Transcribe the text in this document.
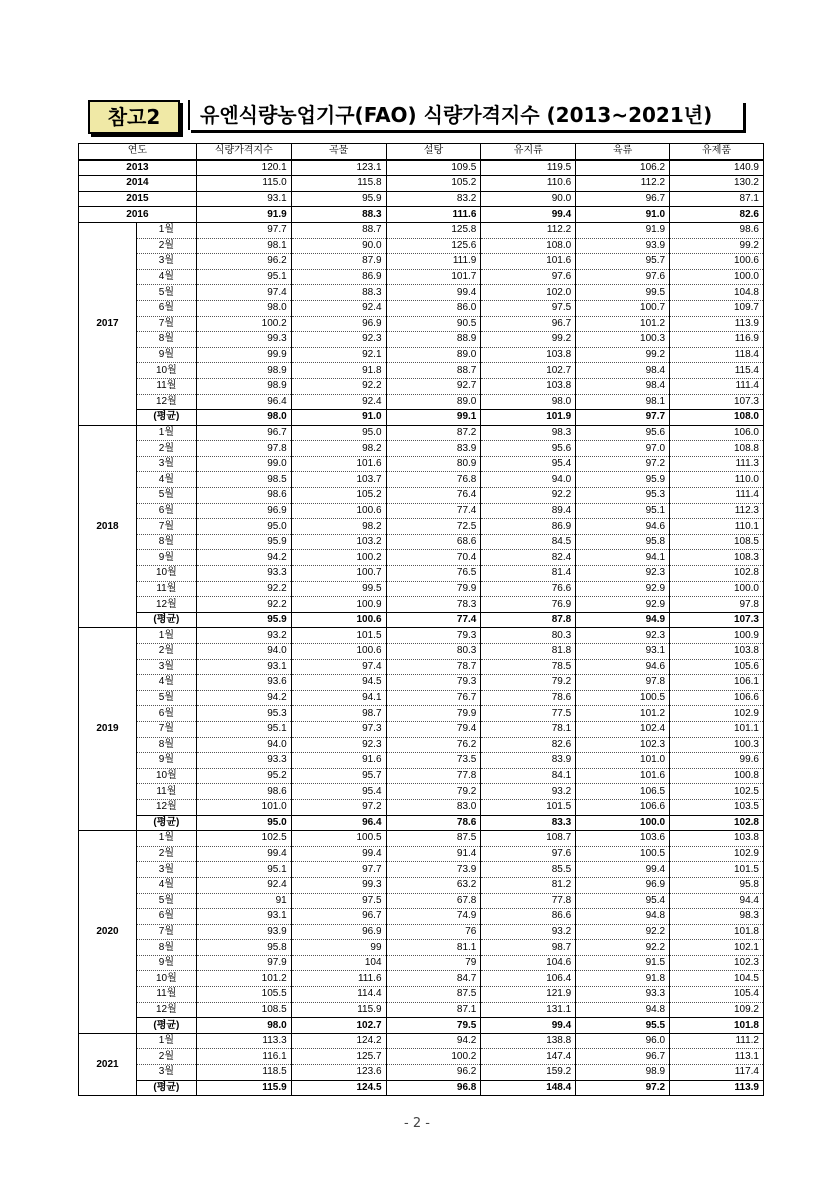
참고2	유엔식량농업기구(FAO) 식량가격지수 (2013~2021년)
연도		식량가격지수	곡물	설탕	유지류	육류	유제품
2013		120.1	123.1	109.5	119.5	106.2	140.9
2014		115.0	115.8	105.2	110.6	112.2	130.2
2015		93.1	95.9	83.2	90.0	96.7	87.1
2016		91.9	88.3	111.6	99.4	91.0	82.6
2017	1월	97.7	88.7	125.8	112.2	91.9	98.6
	2월	98.1	90.0	125.6	108.0	93.9	99.2
	3월	96.2	87.9	111.9	101.6	95.7	100.6
	4월	95.1	86.9	101.7	97.6	97.6	100.0
	5월	97.4	88.3	99.4	102.0	99.5	104.8
	6월	98.0	92.4	86.0	97.5	100.7	109.7
	7월	100.2	96.9	90.5	96.7	101.2	113.9
	8월	99.3	92.3	88.9	99.2	100.3	116.9
	9월	99.9	92.1	89.0	103.8	99.2	118.4
	10월	98.9	91.8	88.7	102.7	98.4	115.4
	11월	98.9	92.2	92.7	103.8	98.4	111.4
	12월	96.4	92.4	89.0	98.0	98.1	107.3
	(평균)	98.0	91.0	99.1	101.9	97.7	108.0
2018	1월	96.7	95.0	87.2	98.3	95.6	106.0
	2월	97.8	98.2	83.9	95.6	97.0	108.8
	3월	99.0	101.6	80.9	95.4	97.2	111.3
	4월	98.5	103.7	76.8	94.0	95.9	110.0
	5월	98.6	105.2	76.4	92.2	95.3	111.4
	6월	96.9	100.6	77.4	89.4	95.1	112.3
	7월	95.0	98.2	72.5	86.9	94.6	110.1
	8월	95.9	103.2	68.6	84.5	95.8	108.5
	9월	94.2	100.2	70.4	82.4	94.1	108.3
	10월	93.3	100.7	76.5	81.4	92.3	102.8
	11월	92.2	99.5	79.9	76.6	92.9	100.0
	12월	92.2	100.9	78.3	76.9	92.9	97.8
	(평균)	95.9	100.6	77.4	87.8	94.9	107.3
2019	1월	93.2	101.5	79.3	80.3	92.3	100.9
	2월	94.0	100.6	80.3	81.8	93.1	103.8
	3월	93.1	97.4	78.7	78.5	94.6	105.6
	4월	93.6	94.5	79.3	79.2	97.8	106.1
	5월	94.2	94.1	76.7	78.6	100.5	106.6
	6월	95.3	98.7	79.9	77.5	101.2	102.9
	7월	95.1	97.3	79.4	78.1	102.4	101.1
	8월	94.0	92.3	76.2	82.6	102.3	100.3
	9월	93.3	91.6	73.5	83.9	101.0	99.6
	10월	95.2	95.7	77.8	84.1	101.6	100.8
	11월	98.6	95.4	79.2	93.2	106.5	102.5
	12월	101.0	97.2	83.0	101.5	106.6	103.5
	(평균)	95.0	96.4	78.6	83.3	100.0	102.8
2020	1월	102.5	100.5	87.5	108.7	103.6	103.8
	2월	99.4	99.4	91.4	97.6	100.5	102.9
	3월	95.1	97.7	73.9	85.5	99.4	101.5
	4월	92.4	99.3	63.2	81.2	96.9	95.8
	5월	91	97.5	67.8	77.8	95.4	94.4
	6월	93.1	96.7	74.9	86.6	94.8	98.3
	7월	93.9	96.9	76	93.2	92.2	101.8
	8월	95.8	99	81.1	98.7	92.2	102.1
	9월	97.9	104	79	104.6	91.5	102.3
	10월	101.2	111.6	84.7	106.4	91.8	104.5
	11월	105.5	114.4	87.5	121.9	93.3	105.4
	12월	108.5	115.9	87.1	131.1	94.8	109.2
	(평균)	98.0	102.7	79.5	99.4	95.5	101.8
2021	1월	113.3	124.2	94.2	138.8	96.0	111.2
	2월	116.1	125.7	100.2	147.4	96.7	113.1
	3월	118.5	123.6	96.2	159.2	98.9	117.4
	(평균)	115.9	124.5	96.8	148.4	97.2	113.9
- 2 -
